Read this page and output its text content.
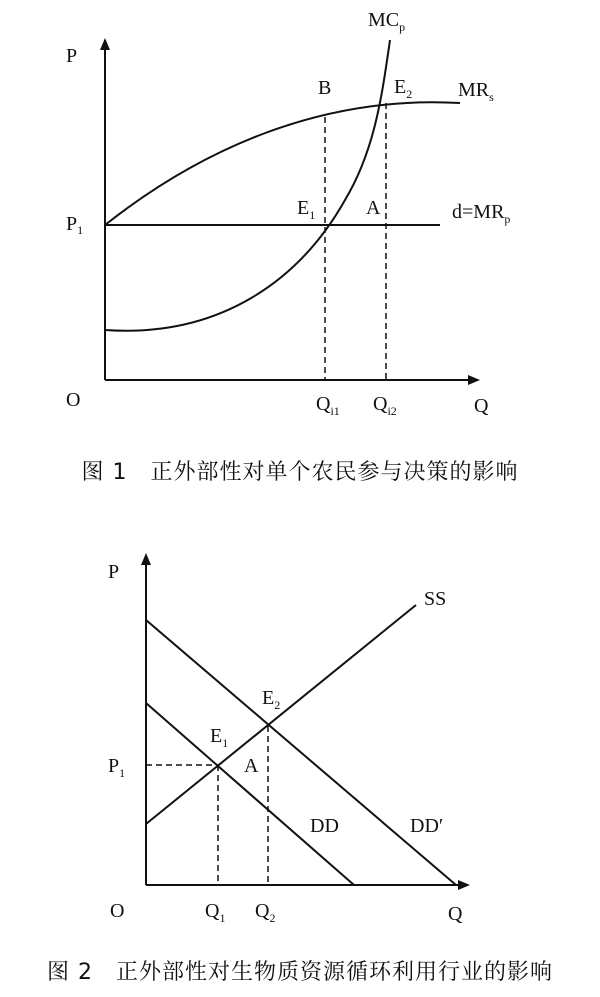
P
O	Q
$P_1$
$MC_p$
$MR_s$
$d=MR_p$
B	$E_2$
$E_1$	A
$Q_{i1}$ $Q_{i2}$
图 1　正外部性对单个农民参与决策的影响
P
O	Q
$P_1$
SS
$E_2$
$E_1$
A
DD	DD′
$Q_1$ $Q_2$
图 2　正外部性对生物质资源循环利用行业的影响
